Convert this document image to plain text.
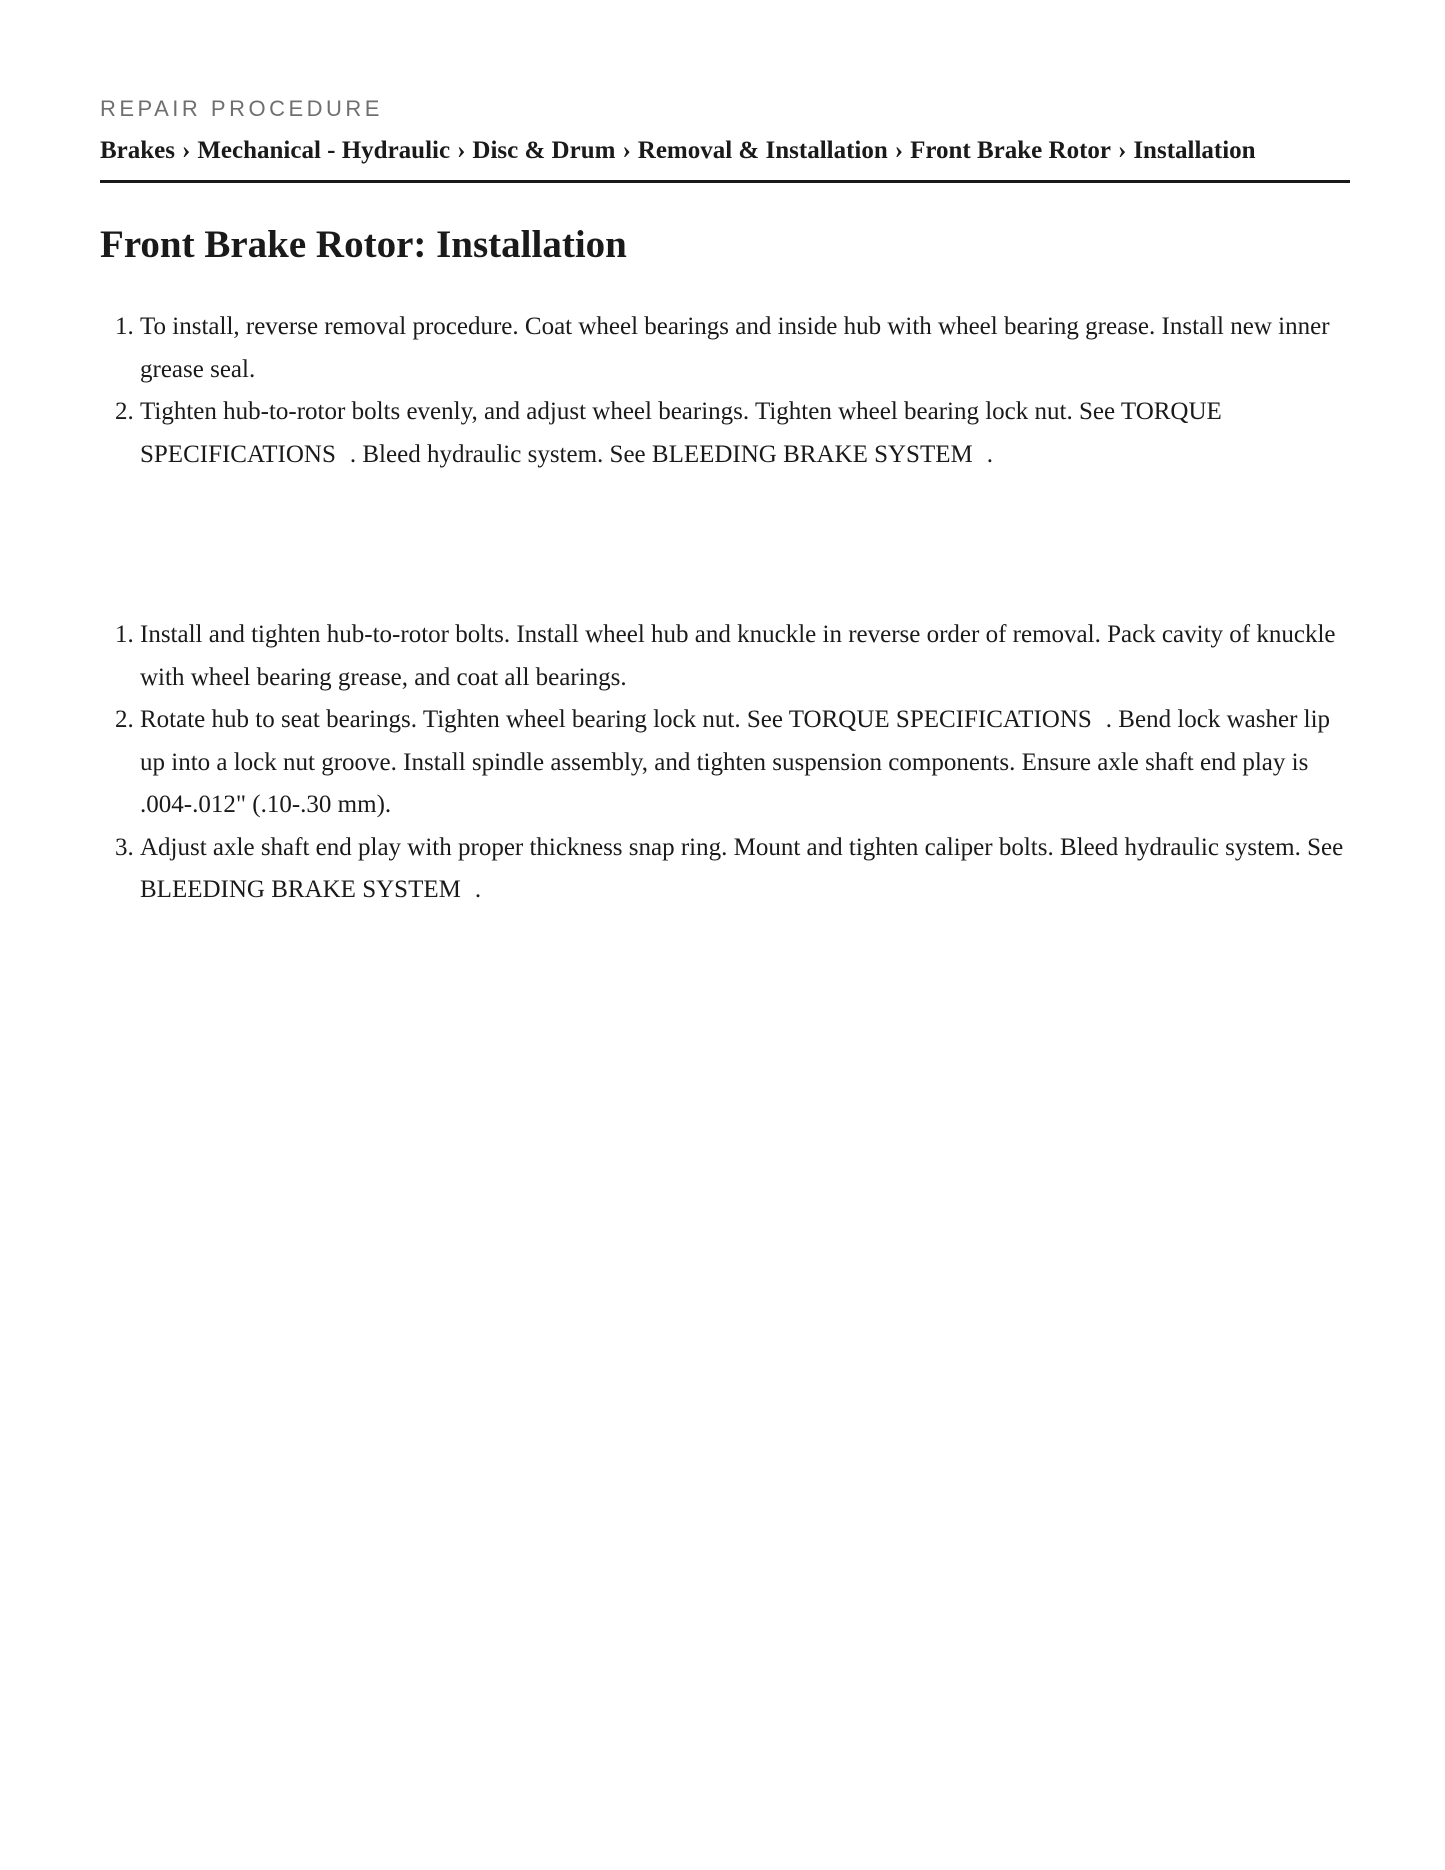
REPAIR PROCEDURE

Brakes › Mechanical - Hydraulic › Disc & Drum › Removal & Installation › Front Brake Rotor › Installation
Front Brake Rotor: Installation
1. To install, reverse removal procedure. Coat wheel bearings and inside hub with wheel bearing grease. Install new inner grease seal.
2. Tighten hub-to-rotor bolts evenly, and adjust wheel bearings. Tighten wheel bearing lock nut. See TORQUE SPECIFICATIONS . Bleed hydraulic system. See BLEEDING BRAKE SYSTEM .
1. Install and tighten hub-to-rotor bolts. Install wheel hub and knuckle in reverse order of removal. Pack cavity of knuckle with wheel bearing grease, and coat all bearings.
2. Rotate hub to seat bearings. Tighten wheel bearing lock nut. See TORQUE SPECIFICATIONS . Bend lock washer lip up into a lock nut groove. Install spindle assembly, and tighten suspension components. Ensure axle shaft end play is .004-.012" (.10-.30 mm).
3. Adjust axle shaft end play with proper thickness snap ring. Mount and tighten caliper bolts. Bleed hydraulic system. See BLEEDING BRAKE SYSTEM .
